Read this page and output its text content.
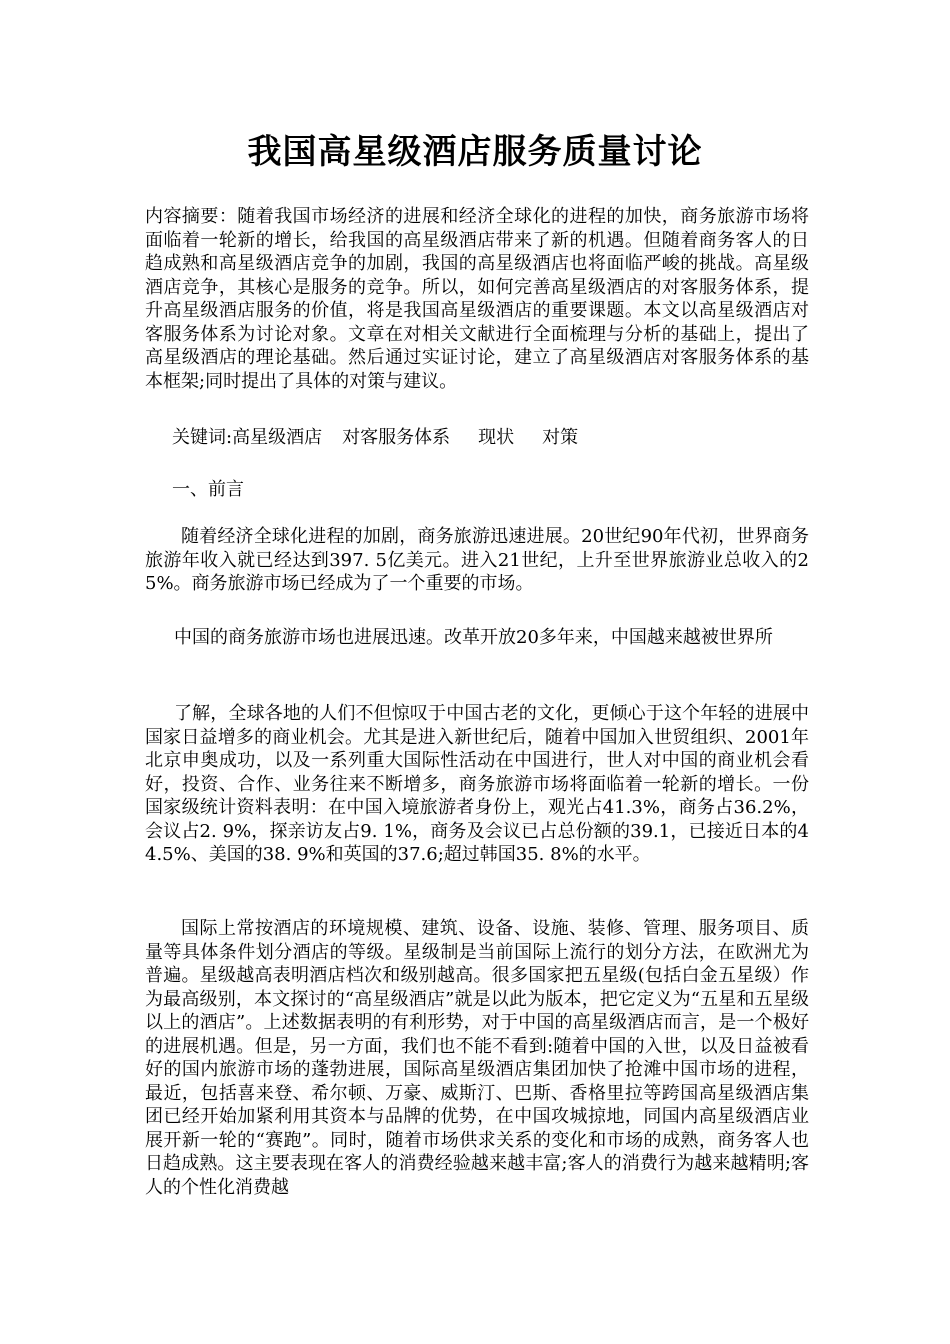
我国高星级酒店服务质量讨论

内容摘要：随着我国市场经济的进展和经济全球化的进程的加快，商务旅游市场将面临着一轮新的增长，给我国的高星级酒店带来了新的机遇。但随着商务客人的日趋成熟和高星级酒店竞争的加剧，我国的高星级酒店也将面临严峻的挑战。高星级酒店竞争，其核心是服务的竞争。所以，如何完善高星级酒店的对客服务体系，提升高星级酒店服务的价值，将是我国高星级酒店的重要课题。本文以高星级酒店对客服务体系为讨论对象。文章在对相关文献进行全面梳理与分析的基础上，提出了高星级酒店的理论基础。然后通过实证讨论，建立了高星级酒店对客服务体系的基本框架;同时提出了具体的对策与建议。

关键词:高星级酒店 对客服务体系 现状 对策

一、前言

随着经济全球化进程的加剧，商务旅游迅速进展。20世纪90年代初，世界商务旅游年收入就已经达到397. 5亿美元。进入21世纪，上升至世界旅游业总收入的25%。商务旅游市场已经成为了一个重要的市场。

中国的商务旅游市场也进展迅速。改革开放20多年来，中国越来越被世界所

了解，全球各地的人们不但惊叹于中国古老的文化，更倾心于这个年轻的进展中国家日益增多的商业机会。尤其是进入新世纪后，随着中国加入世贸组织、2001年北京申奥成功，以及一系列重大国际性活动在中国进行，世人对中国的商业机会看好，投资、合作、业务往来不断增多，商务旅游市场将面临着一轮新的增长。一份国家级统计资料表明：在中国入境旅游者身份上，观光占41.3%，商务占36.2%，会议占2. 9%，探亲访友占9. 1%，商务及会议已占总份额的39.1，已接近日本的44.5%、美国的38. 9%和英国的37.6;超过韩国35. 8%的水平。

国际上常按酒店的环境规模、建筑、设备、设施、装修、管理、服务项目、质量等具体条件划分酒店的等级。星级制是当前国际上流行的划分方法，在欧洲尤为普遍。星级越高表明酒店档次和级别越高。很多国家把五星级(包括白金五星级）作为最高级别，本文探讨的“高星级酒店”就是以此为版本，把它定义为“五星和五星级以上的酒店”。上述数据表明的有利形势，对于中国的高星级酒店而言，是一个极好的进展机遇。但是，另一方面，我们也不能不看到:随着中国的入世，以及日益被看好的国内旅游市场的蓬勃进展，国际高星级酒店集团加快了抢滩中国市场的进程，最近，包括喜来登、希尔顿、万豪、威斯汀、巴斯、香格里拉等跨国高星级酒店集团已经开始加紧利用其资本与品牌的优势，在中国攻城掠地，同国内高星级酒店业展开新一轮的“赛跑”。同时，随着市场供求关系的变化和市场的成熟，商务客人也日趋成熟。这主要表现在客人的消费经验越来越丰富;客人的消费行为越来越精明;客人的个性化消费越
